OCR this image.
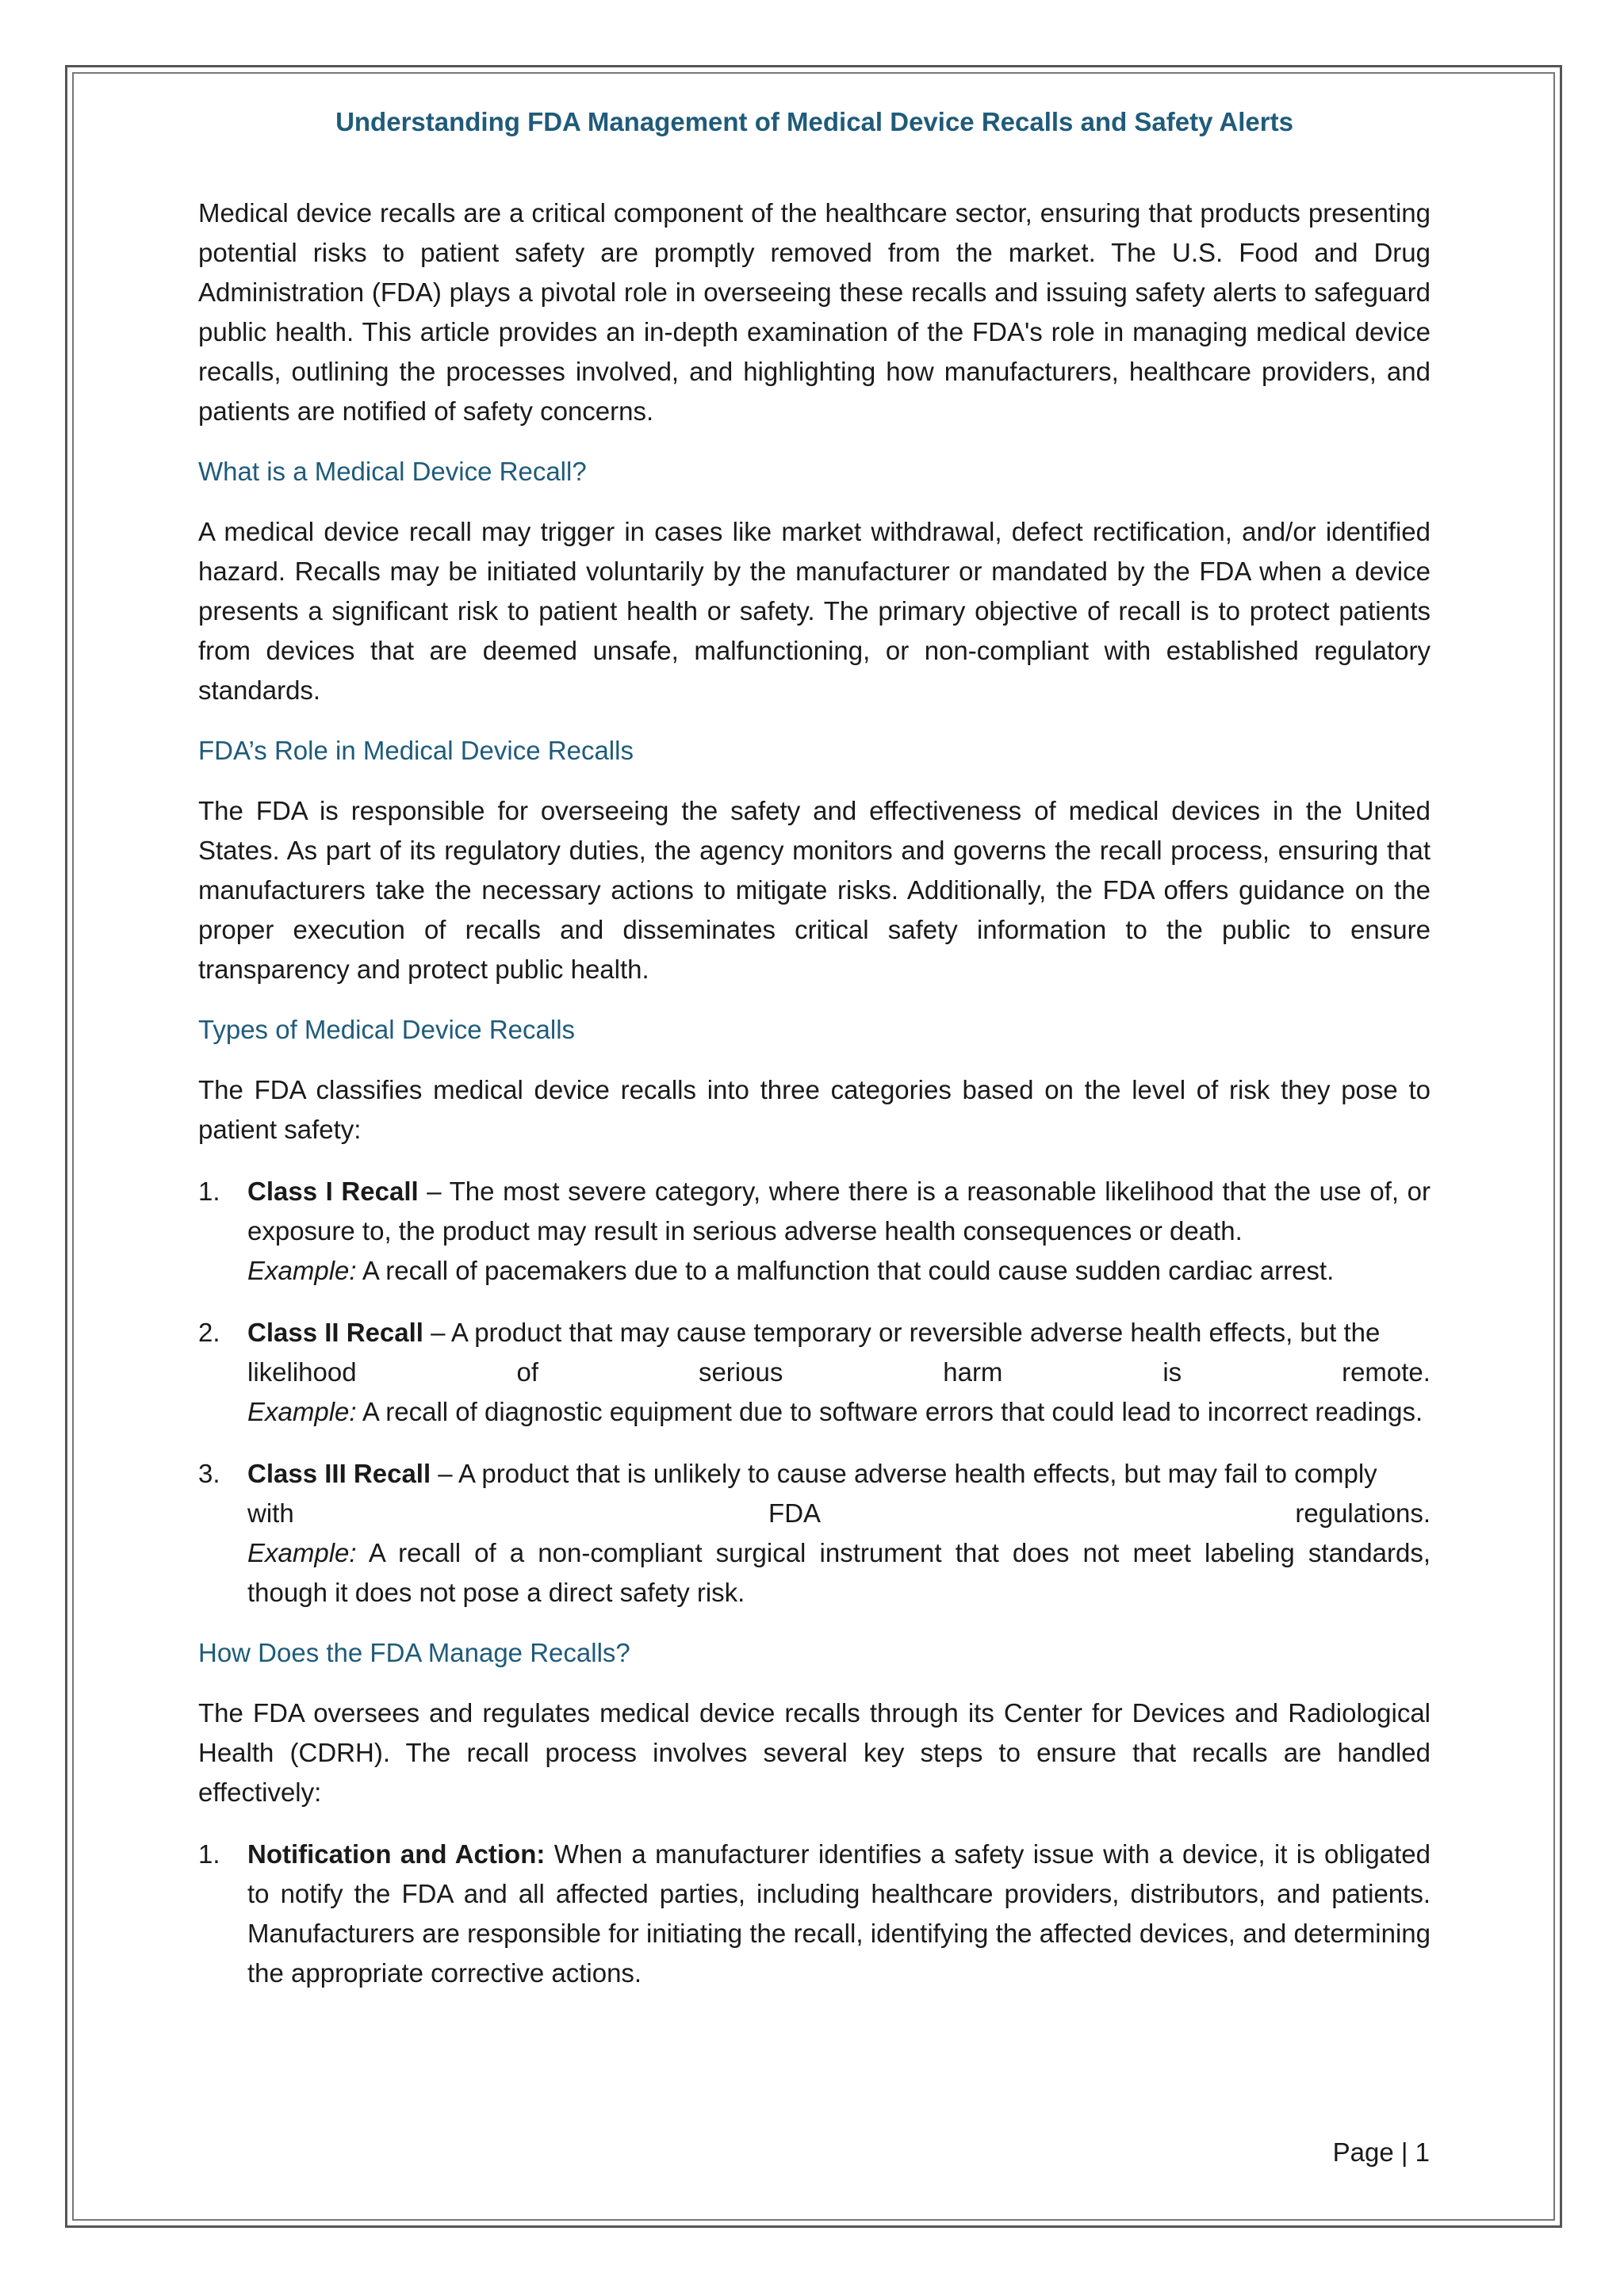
Understanding FDA Management of Medical Device Recalls and Safety Alerts

Medical device recalls are a critical component of the healthcare sector, ensuring that products presenting potential risks to patient safety are promptly removed from the market. The U.S. Food and Drug Administration (FDA) plays a pivotal role in overseeing these recalls and issuing safety alerts to safeguard public health. This article provides an in-depth examination of the FDA's role in managing medical device recalls, outlining the processes involved, and highlighting how manufacturers, healthcare providers, and patients are notified of safety concerns.

What is a Medical Device Recall?

A medical device recall may trigger in cases like market withdrawal, defect rectification, and/or identified hazard. Recalls may be initiated voluntarily by the manufacturer or mandated by the FDA when a device presents a significant risk to patient health or safety. The primary objective of recall is to protect patients from devices that are deemed unsafe, malfunctioning, or non-compliant with established regulatory standards.

FDA’s Role in Medical Device Recalls

The FDA is responsible for overseeing the safety and effectiveness of medical devices in the United States. As part of its regulatory duties, the agency monitors and governs the recall process, ensuring that manufacturers take the necessary actions to mitigate risks. Additionally, the FDA offers guidance on the proper execution of recalls and disseminates critical safety information to the public to ensure transparency and protect public health.

Types of Medical Device Recalls

The FDA classifies medical device recalls into three categories based on the level of risk they pose to patient safety:

1. Class I Recall – The most severe category, where there is a reasonable likelihood that the use of, or exposure to, the product may result in serious adverse health consequences or death.
Example: A recall of pacemakers due to a malfunction that could cause sudden cardiac arrest.
2. Class II Recall – A product that may cause temporary or reversible adverse health effects, but the
likelihood	of	serious	harm	is	remote.
Example: A recall of diagnostic equipment due to software errors that could lead to incorrect readings.
3. Class III Recall – A product that is unlikely to cause adverse health effects, but may fail to comply
with	FDA	regulations.
Example: A recall of a non-compliant surgical instrument that does not meet labeling standards, though it does not pose a direct safety risk.
How Does the FDA Manage Recalls?

The FDA oversees and regulates medical device recalls through its Center for Devices and Radiological Health (CDRH). The recall process involves several key steps to ensure that recalls are handled effectively:

1. Notification and Action: When a manufacturer identifies a safety issue with a device, it is obligated to notify the FDA and all affected parties, including healthcare providers, distributors, and patients. Manufacturers are responsible for initiating the recall, identifying the affected devices, and determining the appropriate corrective actions.
Page | 1
